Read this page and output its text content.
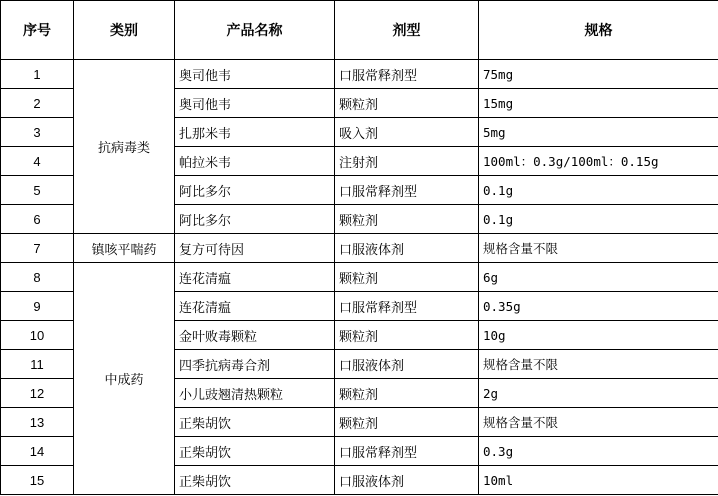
序号	类别	产品名称	剂型	规格
1	抗病毒类	奥司他韦	口服常释剂型	75mg
2		奥司他韦	颗粒剂	15mg
3		扎那米韦	吸入剂	5mg
4		帕拉米韦	注射剂	100ml：0.3g/100ml：0.15g
5		阿比多尔	口服常释剂型	0.1g
6		阿比多尔	颗粒剂	0.1g
7	镇咳平喘药	复方可待因	口服液体剂	规格含量不限
8	中成药	连花清瘟	颗粒剂	6g
9		连花清瘟	口服常释剂型	0.35g
10		金叶败毒颗粒	颗粒剂	10g
11		四季抗病毒合剂	口服液体剂	规格含量不限
12		小儿豉翘清热颗粒	颗粒剂	2g
13		正柴胡饮	颗粒剂	规格含量不限
14		正柴胡饮	口服常释剂型	0.3g
15		正柴胡饮	口服液体剂	10ml
